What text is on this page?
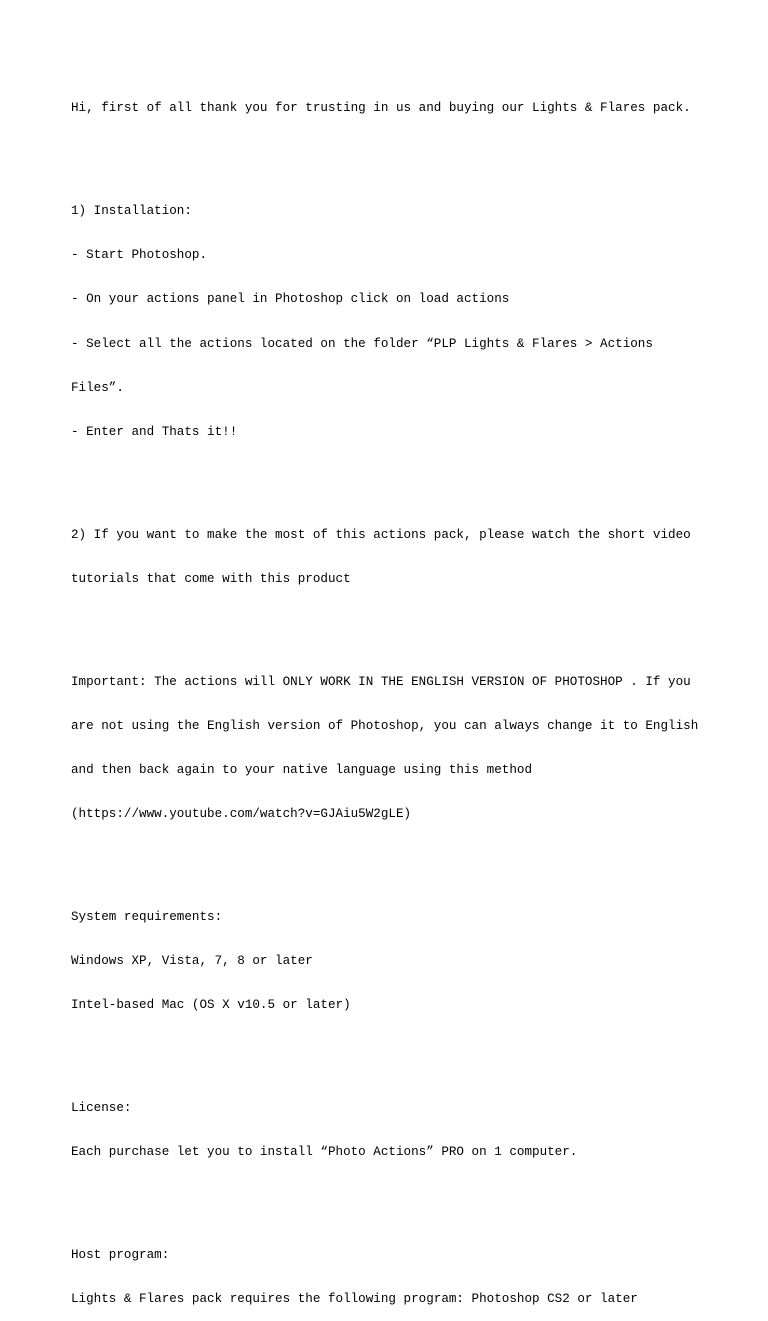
Hi, first of all thank you for trusting in us and buying our Lights & Flares pack.

1) Installation:

- Start Photoshop.

- On your actions panel in Photoshop click on load actions

- Select all the actions located on the folder “PLP Lights & Flares > Actions

Files”.

- Enter and Thats it!!

2) If you want to make the most of this actions pack, please watch the short video

tutorials that come with this product

Important: The actions will ONLY WORK IN THE ENGLISH VERSION OF PHOTOSHOP . If you

are not using the English version of Photoshop, you can always change it to English

and then back again to your native language using this method

(https://www.youtube.com/watch?v=GJAiu5W2gLE)

System requirements:

Windows XP, Vista, 7, 8 or later

Intel-based Mac (OS X v10.5 or later)

License:

Each purchase let you to install “Photo Actions” PRO on 1 computer.

Host program:

Lights & Flares pack requires the following program: Photoshop CS2 or later
